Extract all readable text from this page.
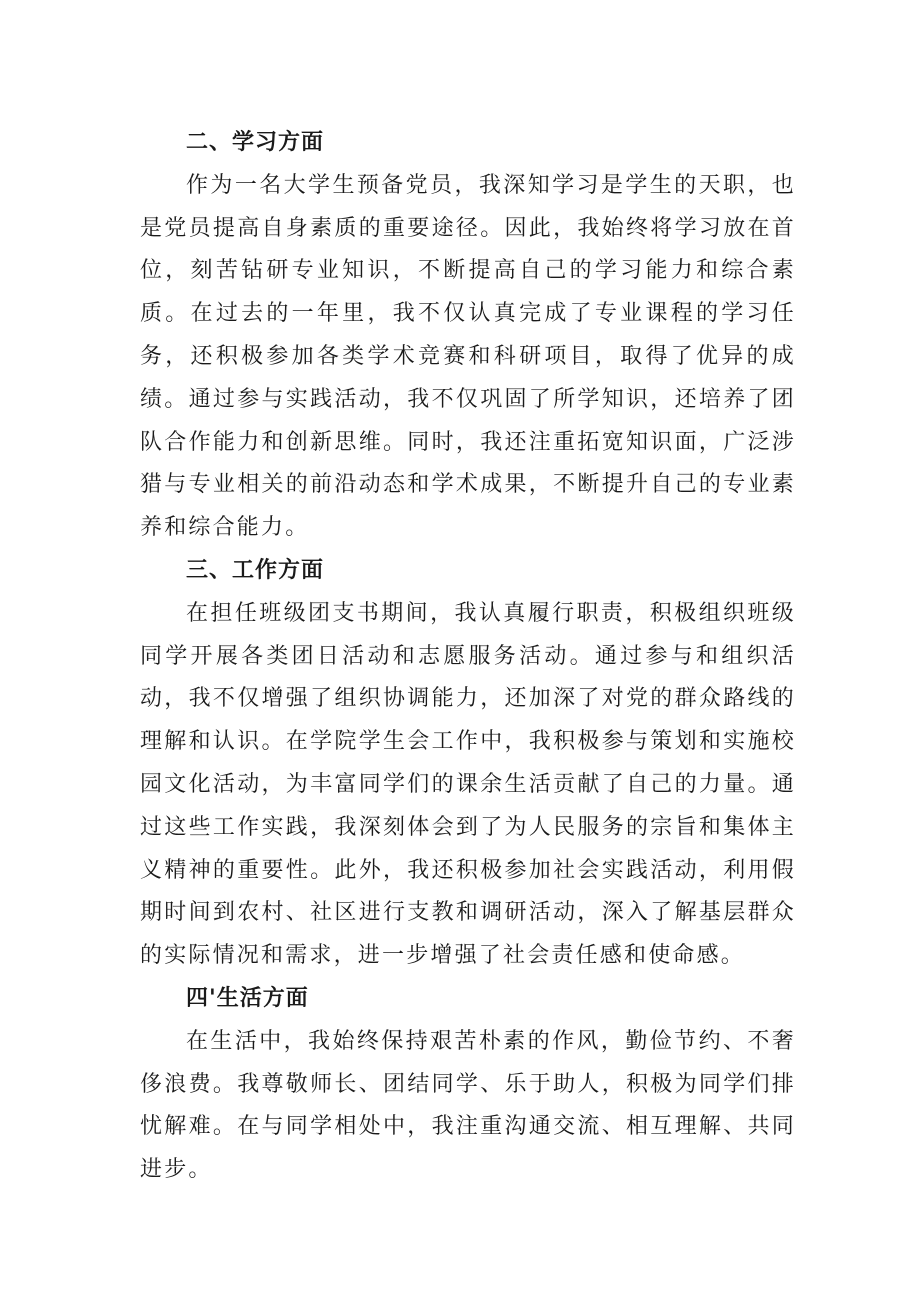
二、学习方面

作为一名大学生预备党员，我深知学习是学生的天职，也是党员提高自身素质的重要途径。因此，我始终将学习放在首位，刻苦钻研专业知识，不断提高自己的学习能力和综合素质。在过去的一年里，我不仅认真完成了专业课程的学习任务，还积极参加各类学术竞赛和科研项目，取得了优异的成绩。通过参与实践活动，我不仅巩固了所学知识，还培养了团队合作能力和创新思维。同时，我还注重拓宽知识面，广泛涉猎与专业相关的前沿动态和学术成果，不断提升自己的专业素养和综合能力。

三、工作方面

在担任班级团支书期间，我认真履行职责，积极组织班级同学开展各类团日活动和志愿服务活动。通过参与和组织活动，我不仅增强了组织协调能力，还加深了对党的群众路线的理解和认识。在学院学生会工作中，我积极参与策划和实施校园文化活动，为丰富同学们的课余生活贡献了自己的力量。通过这些工作实践，我深刻体会到了为人民服务的宗旨和集体主义精神的重要性。此外，我还积极参加社会实践活动，利用假期时间到农村、社区进行支教和调研活动，深入了解基层群众的实际情况和需求，进一步增强了社会责任感和使命感。

四'生活方面

在生活中，我始终保持艰苦朴素的作风，勤俭节约、不奢侈浪费。我尊敬师长、团结同学、乐于助人，积极为同学们排忧解难。在与同学相处中，我注重沟通交流、相互理解、共同进步。
